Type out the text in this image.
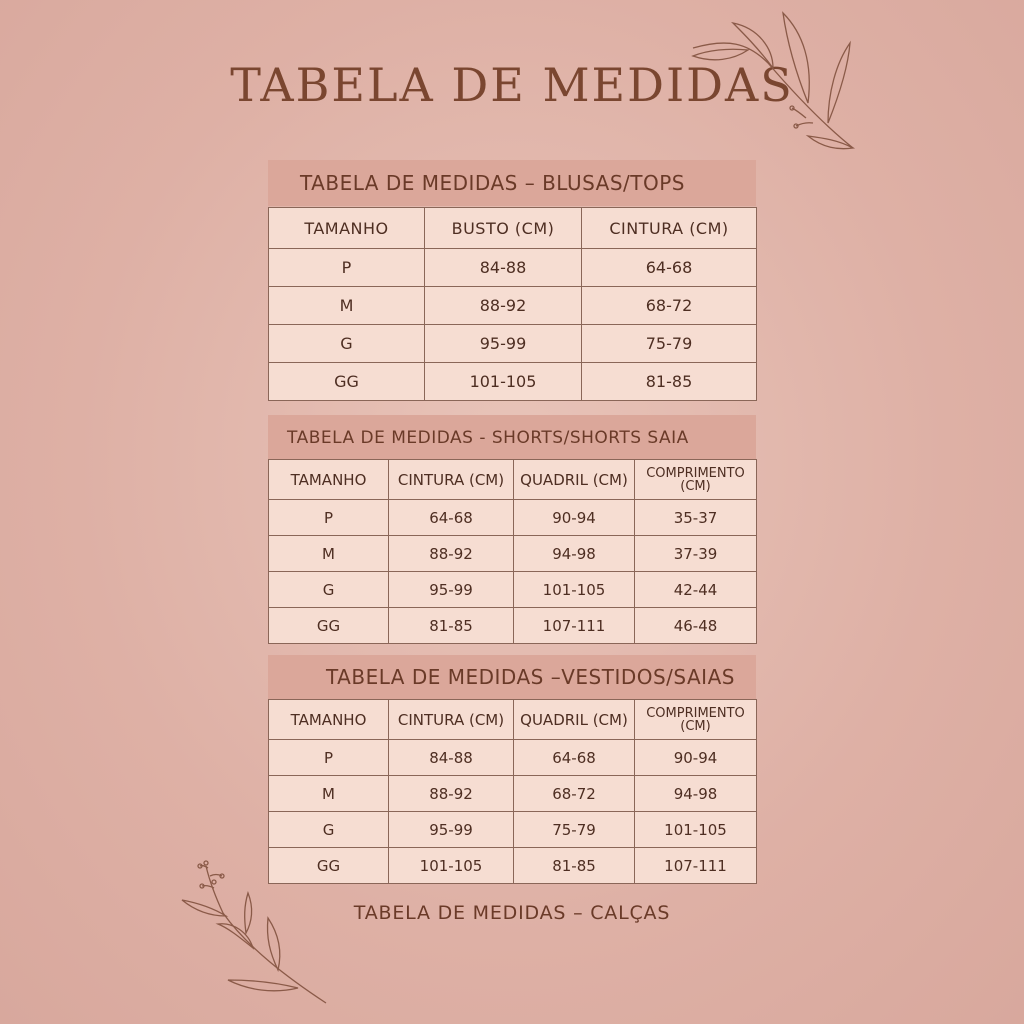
TABELA DE MEDIDAS
TABELA DE MEDIDAS – BLUSAS/TOPS
TAMANHO	BUSTO (CM)	CINTURA (CM)
P	84-88	64-68
M	88-92	68-72
G	95-99	75-79
GG	101-105	81-85
TABELA DE MEDIDAS - SHORTS/SHORTS SAIA
TAMANHO	CINTURA (CM)	QUADRIL (CM)	COMPRIMENTO (CM)
P	64-68	90-94	35-37
M	88-92	94-98	37-39
G	95-99	101-105	42-44
GG	81-85	107-111	46-48
TABELA DE MEDIDAS –VESTIDOS/SAIAS
TAMANHO	CINTURA (CM)	QUADRIL (CM)	COMPRIMENTO (CM)
P	84-88	64-68	90-94
M	88-92	68-72	94-98
G	95-99	75-79	101-105
GG	101-105	81-85	107-111
TABELA DE MEDIDAS – CALÇAS
